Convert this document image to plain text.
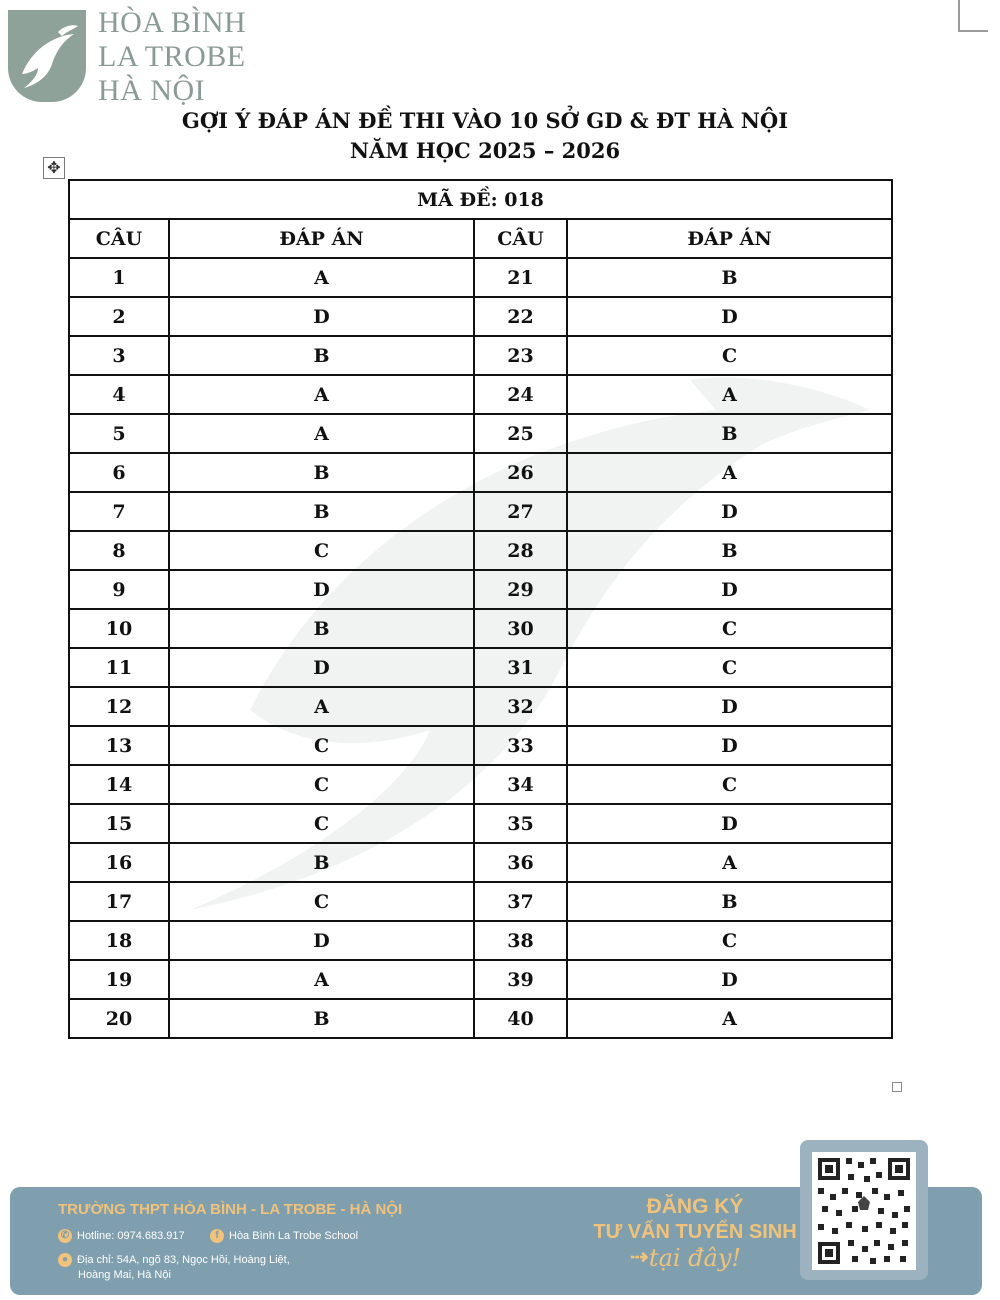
HÒA BÌNH
LA TROBE
HÀ NỘI
GỢI Ý ĐÁP ÁN ĐỀ THI VÀO 10 SỞ GD & ĐT HÀ NỘI
NĂM HỌC 2025 – 2026
✥
MÃ ĐỀ: 018			
CÂU	ĐÁP ÁN	CÂU	ĐÁP ÁN
1	A	21	B
2	D	22	D
3	B	23	C
4	A	24	A
5	A	25	B
6	B	26	A
7	B	27	D
8	C	28	B
9	D	29	D
10	B	30	C
11	D	31	C
12	A	32	D
13	C	33	D
14	C	34	C
15	C	35	D
16	B	36	A
17	C	37	B
18	D	38	C
19	A	39	D
20	B	40	A
TRƯỜNG THPT HÒA BÌNH - LA TROBE - HÀ NỘI
✆ Hotline: 0974.683.917	f Hòa Bình La Trobe School
● Địa chỉ: 54A, ngõ 83, Ngọc Hồi, Hoàng Liệt,
Hoàng Mai, Hà Nội
ĐĂNG KÝ
TƯ VẤN TUYỂN SINH
tại đây!
⇢
